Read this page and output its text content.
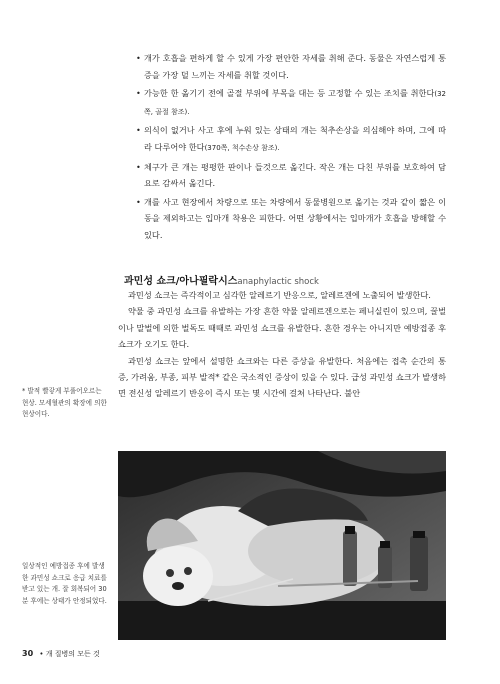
• 개가 호흡을 편하게 할 수 있게 가장 편안한 자세를 취해 준다. 동물은 자연스럽게 통증을 가장 덜 느끼는 자세를 취할 것이다.
• 가능한 한 옮기기 전에 골절 부위에 부목을 대는 등 고정할 수 있는 조치를 취한다(32쪽, 골절 참조).
• 의식이 없거나 사고 후에 누워 있는 상태의 개는 척추손상을 의심해야 하며, 그에 따라 다루어야 한다(370쪽, 척수손상 참조).
• 체구가 큰 개는 평평한 판이나 들것으로 옮긴다. 작은 개는 다친 부위를 보호하여 담요로 감싸서 옮긴다.
• 개를 사고 현장에서 차량으로 또는 차량에서 동물병원으로 옮기는 것과 같이 짧은 이동을 제외하고는 입마개 착용은 피한다. 어떤 상황에서는 입마개가 호흡을 방해할 수 있다.
과민성 쇼크/아나필락시스anaphylactic shock

과민성 쇼크는 즉각적이고 심각한 알레르기 반응으로, 알레르겐에 노출되어 발생한다.

약물 중 과민성 쇼크를 유발하는 가장 흔한 약물 알레르겐으로는 페니실린이 있으며, 꿀벌이나 말벌에 의한 벌독도 때때로 과민성 쇼크를 유발한다. 흔한 경우는 아니지만 예방접종 후 쇼크가 오기도 한다.

과민성 쇼크는 앞에서 설명한 쇼크와는 다른 증상을 유발한다. 처음에는 접촉 순간의 통증, 가려움, 부종, 피부 발적* 같은 국소적인 증상이 있을 수 있다. 급성 과민성 쇼크가 발생하면 전신성 알레르기 반응이 즉시 또는 몇 시간에 걸쳐 나타난다. 불안

* 발적 빨갛게 부풀어오르는 현상. 모세혈관의 확장에 의한 현상이다.
일상적인 예방접종 후에 발생한 과민성 쇼크로 응급 치료를 받고 있는 개. 잘 회복되어 30분 후에는 상태가 안정되었다.
30 • 개 질병의 모든 것
